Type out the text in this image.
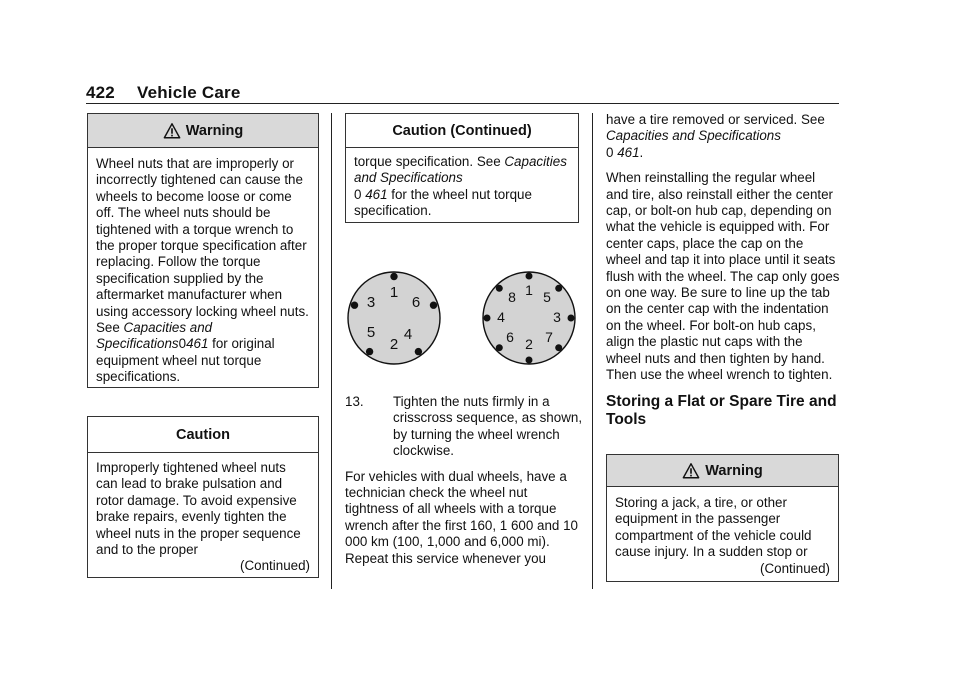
422 Vehicle Care
Warning
Wheel nuts that are improperly or incorrectly tightened can cause the wheels to become loose or come off. The wheel nuts should be tightened with a torque wrench to the proper torque specification after replacing. Follow the torque specification supplied by the aftermarket manufacturer when using accessory locking wheel nuts. See Capacities and Specifications0461 for original equipment wheel nut torque specifications.
Caution
Improperly tightened wheel nuts can lead to brake pulsation and rotor damage. To avoid expensive brake repairs, evenly tighten the wheel nuts in the proper sequence and to the proper
(Continued)
Caution (Continued)
torque specification. See Capacities and Specifications
0 461 for the wheel nut torque specification.
1
6
4
2
5
3
1 5
3
7
2
6
4
8
13. Tighten the nuts firmly in a crisscross sequence, as shown, by turning the wheel wrench clockwise.

For vehicles with dual wheels, have a technician check the wheel nut tightness of all wheels with a torque wrench after the first 160, 1 600 and 10 000 km (100, 1,000 and 6,000 mi). Repeat this service whenever you

have a tire removed or serviced. See Capacities and Specifications
0 461.

When reinstalling the regular wheel and tire, also reinstall either the center cap, or bolt-on hub cap, depending on what the vehicle is equipped with. For center caps, place the cap on the wheel and tap it into place until it seats flush with the wheel. The cap only goes on one way. Be sure to line up the tab on the center cap with the indentation on the wheel. For bolt-on hub caps, align the plastic nut caps with the wheel nuts and then tighten by hand. Then use the wheel wrench to tighten.

Storing a Flat or Spare Tire and Tools
Warning
Storing a jack, a tire, or other equipment in the passenger compartment of the vehicle could cause injury. In a sudden stop or
(Continued)
